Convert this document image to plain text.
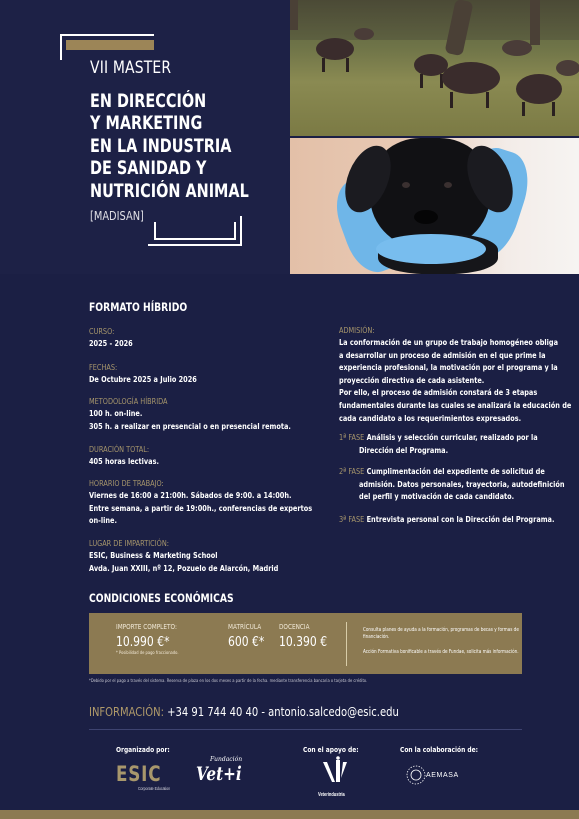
VII MASTER
EN DIRECCIÓN
Y MARKETING
EN LA INDUSTRIA
DE SANIDAD Y
NUTRICIÓN ANIMAL
[MADISAN]
FORMATO HÍBRIDO
CURSO:
2025 - 2026
FECHAS:
De Octubre 2025 a Julio 2026
METODOLOGÍA HÍBRIDA
100 h. on-line.
305 h. a realizar en presencial o en presencial remota.
DURACIÓN TOTAL:
405 horas lectivas.
HORARIO DE TRABAJO:
Viernes de 16:00 a 21:00h. Sábados de 9:00. a 14:00h.
Entre semana, a partir de 19:00h., conferencias de expertos
on-line.
LUGAR DE IMPARTICIÓN:
ESIC, Business & Marketing School
Avda. Juan XXIII, nº 12, Pozuelo de Alarcón, Madrid
ADMISIÓN:
La conformación de un grupo de trabajo homogéneo obliga
a desarrollar un proceso de admisión en el que prime la
experiencia profesional, la motivación por el programa y la
proyección directiva de cada asistente.
Por ello, el proceso de admisión constará de 3 etapas
fundamentales durante las cuales se analizará la educación de
cada candidato a los requerimientos expresados.
1ª FASE Análisis y selección curricular, realizado por la
Dirección del Programa.
2ª FASE Cumplimentación del expediente de solicitud de
admisión. Datos personales, trayectoria, autodefinición
del perfil y motivación de cada candidato.
3ª FASE Entrevista personal con la Dirección del Programa.
CONDICIONES ECONÓMICAS
IMPORTE COMPLETO:
10.990 €*
* Posibilidad de pago fraccionado.
MATRÍCULA
600 €*
DOCENCIA
10.390 €
Consulta planes de ayuda a la formación, programas de becas y formas de
financiación.
Acción Formativa bonificable a través de Fundae, solicita más información.
*Debido por el pago a través del sistema. Reserva de plaza en los dos meses a partir de la fecha. mediante transferencia bancaria o tarjeta de crédito.
INFORMACIÓN: +34 91 744 40 40 - antonio.salcedo@esic.edu
Organizado por:	Con el apoyo de:	Con la colaboración de:
ESIC
Corporate Education
Fundación
Vet+i
Veterindustria
AEMASA
